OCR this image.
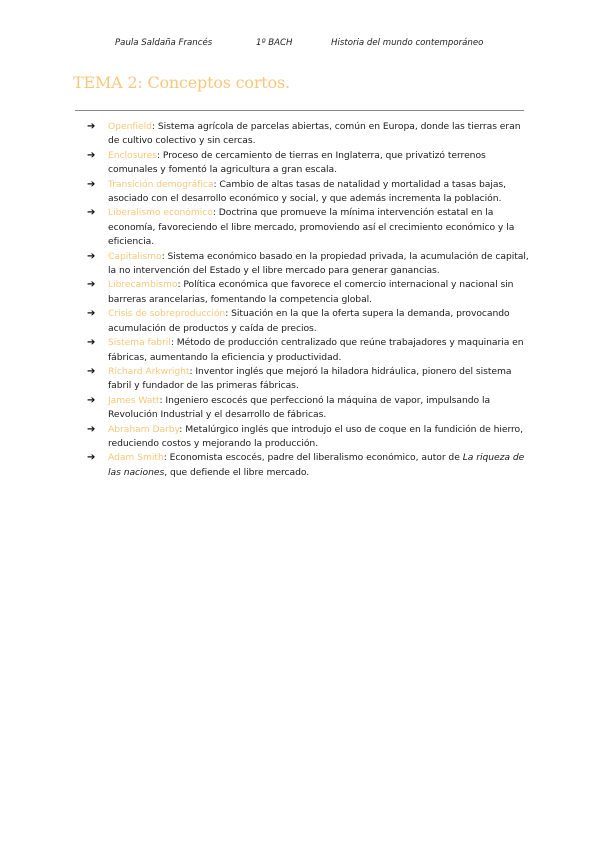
Paula Saldaña Francés	1º BACH	Historia del mundo contemporáneo
TEMA 2: Conceptos cortos.
➔ Openfield: Sistema agrícola de parcelas abiertas, común en Europa, donde las tierras eran de cultivo colectivo y sin cercas.
➔ Enclosures: Proceso de cercamiento de tierras en Inglaterra, que privatizó terrenos comunales y fomentó la agricultura a gran escala.
➔ Transición demográfica: Cambio de altas tasas de natalidad y mortalidad a tasas bajas, asociado con el desarrollo económico y social, y que además incrementa la población.
➔ Liberalismo económico: Doctrina que promueve la mínima intervención estatal en la economía, favoreciendo el libre mercado, promoviendo así el crecimiento económico y la eficiencia.
➔ Capitalismo: Sistema económico basado en la propiedad privada, la acumulación de capital, la no intervención del Estado y el libre mercado para generar ganancias.
➔ Librecambismo: Política económica que favorece el comercio internacional y nacional sin barreras arancelarias, fomentando la competencia global.
➔ Crisis de sobreproducción: Situación en la que la oferta supera la demanda, provocando acumulación de productos y caída de precios.
➔ Sistema fabril: Método de producción centralizado que reúne trabajadores y maquinaria en fábricas, aumentando la eficiencia y productividad.
➔ Richard Arkwright: Inventor inglés que mejoró la hiladora hidráulica, pionero del sistema fabril y fundador de las primeras fábricas.
➔ James Watt: Ingeniero escocés que perfeccionó la máquina de vapor, impulsando la Revolución Industrial y el desarrollo de fábricas.
➔ Abraham Darby: Metalúrgico inglés que introdujo el uso de coque en la fundición de hierro, reduciendo costos y mejorando la producción.
➔ Adam Smith: Economista escocés, padre del liberalismo económico, autor de La riqueza de las naciones, que defiende el libre mercado.
